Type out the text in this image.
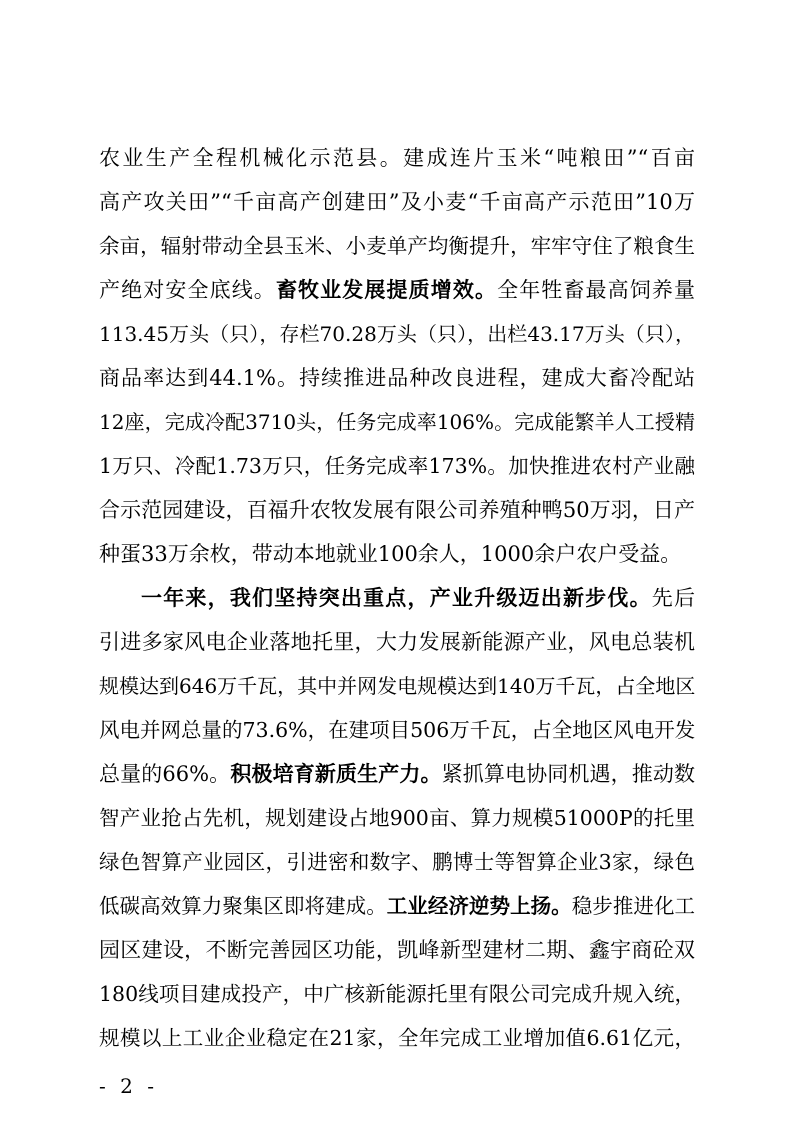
农业生产全程机械化示范县。建成连片玉米“吨粮田”“百亩
高产攻关田”“千亩高产创建田”及小麦“千亩高产示范田”10万
余亩，辐射带动全县玉米、小麦单产均衡提升，牢牢守住了粮食生
产绝对安全底线。畜牧业发展提质增效。全年牲畜最高饲养量
113.45万头（只），存栏70.28万头（只），出栏43.17万头（只），
商品率达到44.1%。持续推进品种改良进程，建成大畜冷配站
12座，完成冷配3710头，任务完成率106%。完成能繁羊人工授精
1万只、冷配1.73万只，任务完成率173%。加快推进农村产业融
合示范园建设，百福升农牧发展有限公司养殖种鸭50万羽，日产
种蛋33万余枚，带动本地就业100余人，1000余户农户受益。
一年来，我们坚持突出重点，产业升级迈出新步伐。先后
引进多家风电企业落地托里，大力发展新能源产业，风电总装机
规模达到646万千瓦，其中并网发电规模达到140万千瓦，占全地区
风电并网总量的73.6%，在建项目506万千瓦，占全地区风电开发
总量的66%。积极培育新质生产力。紧抓算电协同机遇，推动数
智产业抢占先机，规划建设占地900亩、算力规模51000P的托里
绿色智算产业园区，引进密和数字、鹏博士等智算企业3家，绿色
低碳高效算力聚集区即将建成。工业经济逆势上扬。稳步推进化工
园区建设，不断完善园区功能，凯峰新型建材二期、鑫宇商砼双
180线项目建成投产，中广核新能源托里有限公司完成升规入统，
规模以上工业企业稳定在21家，全年完成工业增加值6.61亿元，
- 2 -
